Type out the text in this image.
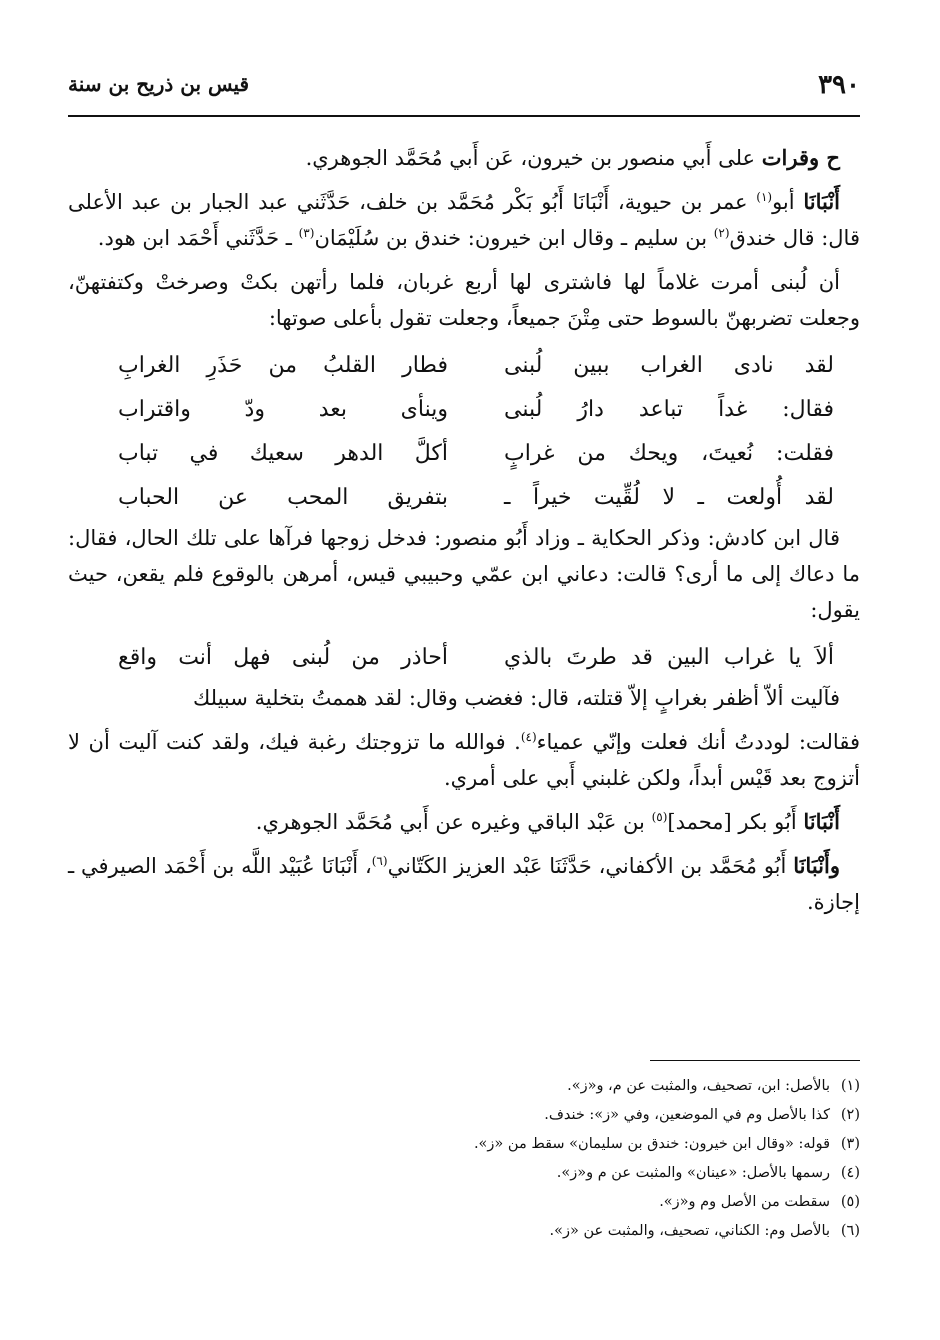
٣٩٠
قيس بن ذريح بن سنة

ح وقرات على أَبي منصور بن خيرون، عَن أَبي مُحَمَّد الجوهري.

أَنْبَانَا أبو$^{(١)}$ عمر بن حيوية، أَنْبَانَا أَبُو بَكْر مُحَمَّد بن خلف، حَدَّثَني عبد الجبار بن عبد الأعلى قال: قال خندق$^{(٢)}$ بن سليم ـ وقال ابن خيرون: خندق بن سُلَيْمَان$^{(٣)}$ ـ حَدَّثَني أَحْمَد ابن هود.

أن لُبنى أمرت غلاماً لها فاشترى لها أربع غربان، فلما رأتهن بكتْ وصرختْ وكتفتهنّ، وجعلت تضربهنّ بالسوط حتى مِتْنَ جميعاً، وجعلت تقول بأعلى صوتها:

لقد نادى الغراب ببين لُبنى
فطار القلبُ من حَذَرِ الغرابِ
فقال: غداً تباعد دارُ لُبنى
وينأى بعد ودّ واقتراب
فقلت: نُعيتَ، ويحك من غرابٍ
أكلَّ الدهر سعيك في تباب
لقد أُولعت ـ لا لُقِّيت خيراً ـ
بتفريق المحب عن الحباب

قال ابن كادش: وذكر الحكاية ـ وزاد أَبُو منصور: فدخل زوجها فرآها على تلك الحال، فقال: ما دعاك إلى ما أرى؟ قالت: دعاني ابن عمّي وحبيبي قيس، أمرهن بالوقوع فلم يقعن، حيث يقول:

ألاَ يا غراب البين قد طرتَ بالذي
أحاذر من لُبنى فهل أنت واقع

فآليت ألاّ أظفر بغرابٍ إلاّ قتلته، قال: فغضب وقال: لقد هممتُ بتخلية سبيلك

فقالت: لوددتُ أنك فعلت وإنّي عمياء$^{(٤)}$. فوالله ما تزوجتك رغبة فيك، ولقد كنت آليت أن لا أتزوج بعد قَيْس أبداً، ولكن غلبني أَبي على أمري.

أَنْبَانَا أَبُو بكر [محمد]$^{(٥)}$ بن عَبْد الباقي وغيره عن أَبي مُحَمَّد الجوهري.

وأَنْبَانَا أَبُو مُحَمَّد بن الأكفاني، حَدَّثَنَا عَبْد العزيز الكَتّاني$^{(٦)}$، أَنْبَانَا عُبَيْد اللَّه بن أَحْمَد الصيرفي ـ إجازة.

(١)
بالأصل: ابن، تصحيف، والمثبت عن م، و«ز».
(٢)
كذا بالأصل وم في الموضعين، وفي «ز»: خندف.
(٣)
قوله: «وقال ابن خيرون: خندق بن سليمان» سقط من «ز».
(٤)
رسمها بالأصل: «عينان» والمثبت عن م و«ز».
(٥)
سقطت من الأصل وم و«ز».
(٦)
بالأصل وم: الكناني، تصحيف، والمثبت عن «ز».
